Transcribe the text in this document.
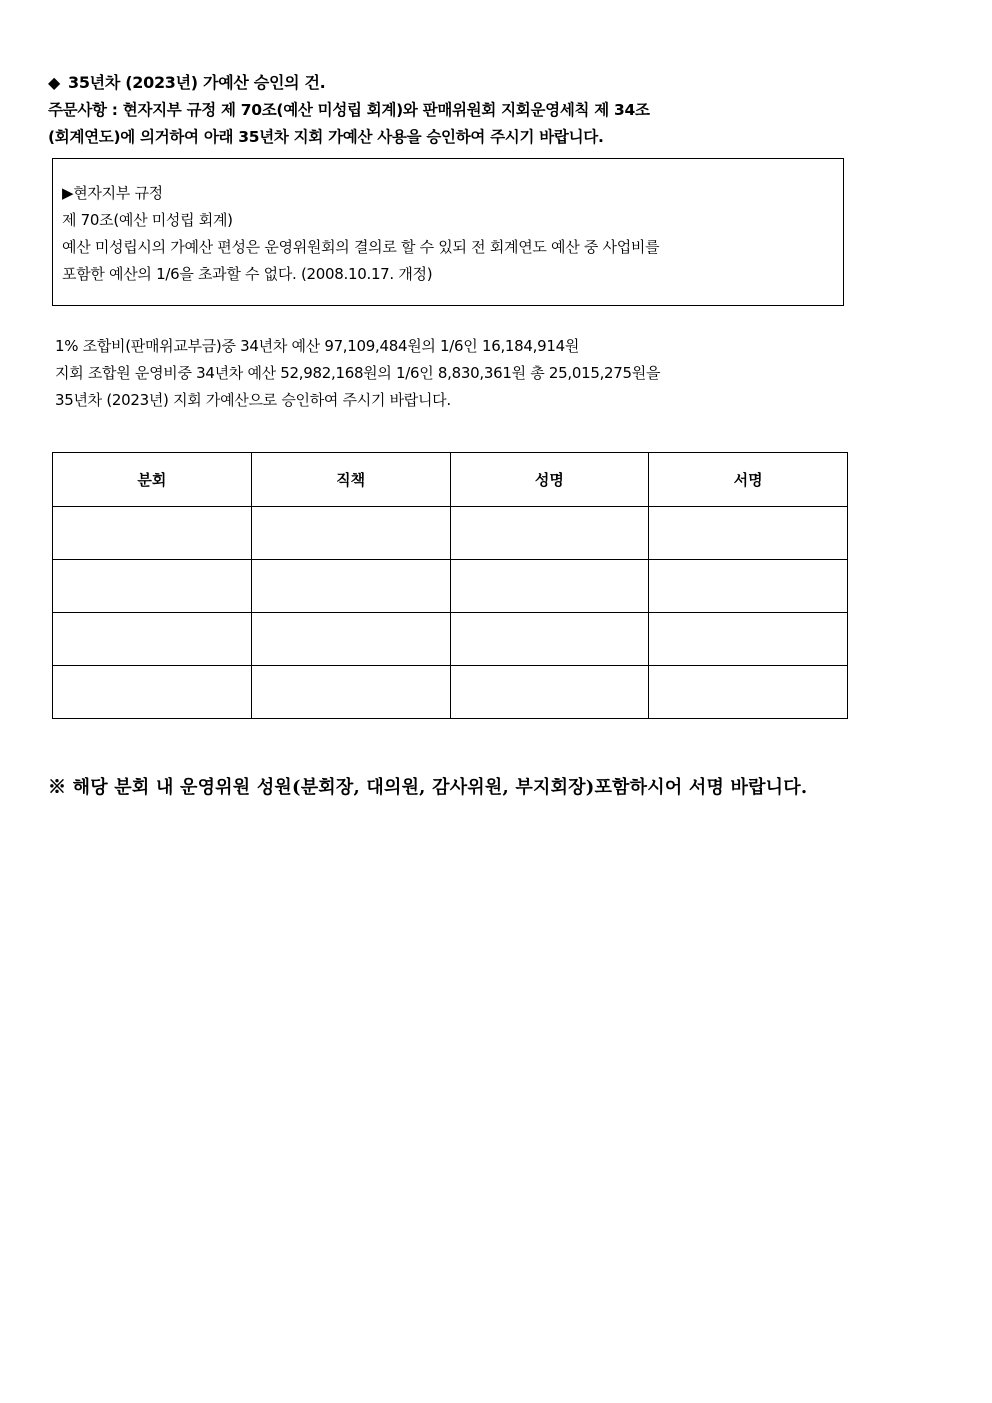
◆ 35년차 (2023년) 가예산 승인의 건.
주문사항 : 현자지부 규정 제 70조(예산 미성립 회계)와 판매위원회 지회운영세칙 제 34조
(회계연도)에 의거하여 아래 35년차 지회 가예산 사용을 승인하여 주시기 바랍니다.
▶현자지부 규정
제 70조(예산 미성립 회계)
예산 미성립시의 가예산 편성은 운영위원회의 결의로 할 수 있되 전 회계연도 예산 중 사업비를
포함한 예산의 1/6을 초과할 수 없다. (2008.10.17. 개정)
1% 조합비(판매위교부금)중 34년차 예산 97,109,484원의 1/6인 16,184,914원
지회 조합원 운영비중 34년차 예산 52,982,168원의 1/6인 8,830,361원 총 25,015,275원을
35년차 (2023년) 지회 가예산으로 승인하여 주시기 바랍니다.
분회	직책	성명	서명

※ 해당 분회 내 운영위원 성원(분회장, 대의원, 감사위원, 부지회장)포함하시어 서명 바랍니다.
